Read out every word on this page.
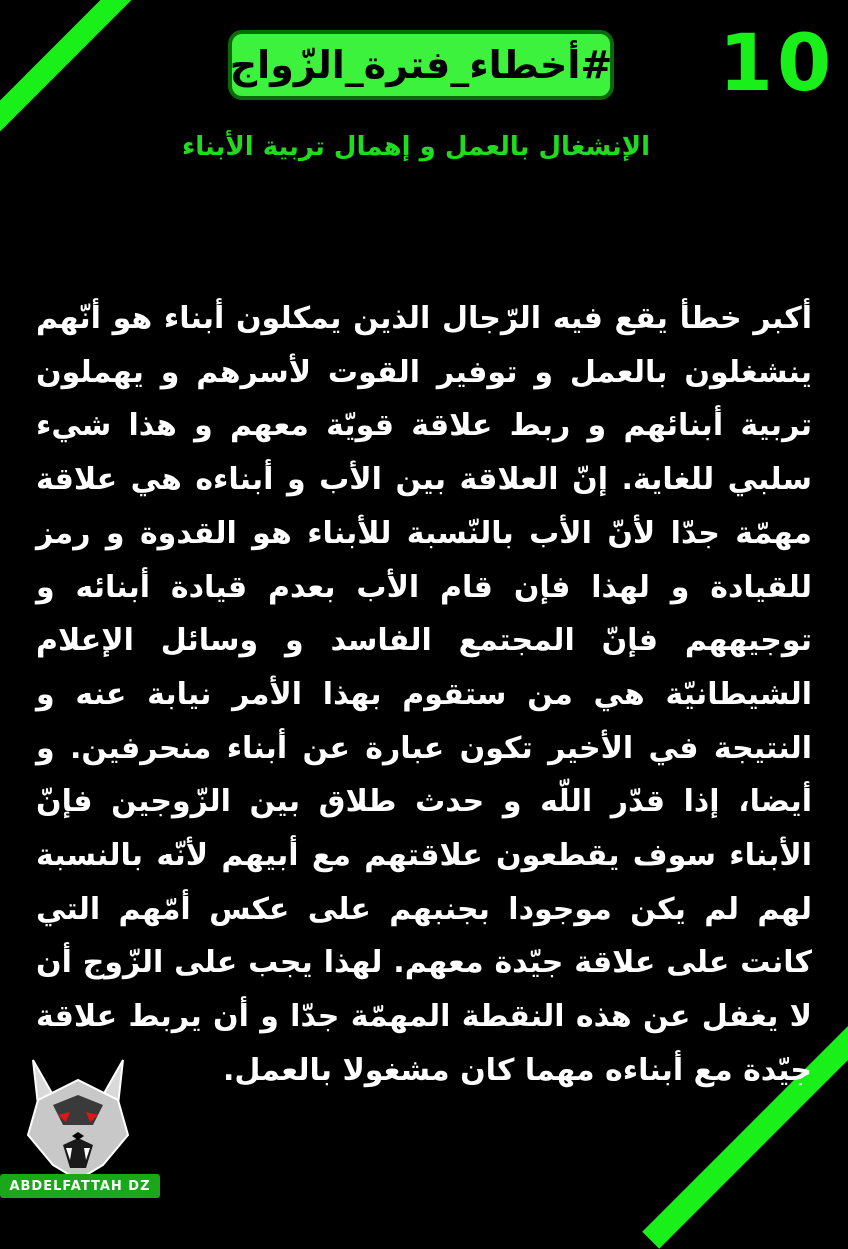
#أخطاء_فترة_الزّواج 10
الإنشغال بالعمل و إهمال تربية الأبناء
أكبر خطأ يقع فيه الرّجال الذين يمكلون أبناء هو أنّهم ينشغلون بالعمل و توفير القوت لأسرهم و يهملون تربية أبنائهم و ربط علاقة قويّة معهم و هذا شيء سلبي للغاية. إنّ العلاقة بين الأب و أبناءه هي علاقة مهمّة جدّا لأنّ الأب بالنّسبة للأبناء هو القدوة و رمز للقيادة و لهذا فإن قام الأب بعدم قيادة أبنائه و توجيههم فإنّ المجتمع الفاسد و وسائل الإعلام الشيطانيّة هي من ستقوم بهذا الأمر نيابة عنه و النتيجة في الأخير تكون عبارة عن أبناء منحرفين. و أيضا، إذا قدّر اللّه و حدث طلاق بين الزّوجين فإنّ الأبناء سوف يقطعون علاقتهم مع أبيهم لأنّه بالنسبة لهم لم يكن موجودا بجنبهم على عكس أمّهم التي كانت على علاقة جيّدة معهم. لهذا يجب على الزّوج أن لا يغفل عن هذه النقطة المهمّة جدّا و أن يربط علاقة جيّدة مع أبناءه مهما كان مشغولا بالعمل.
ABDELFATTAH DZ
